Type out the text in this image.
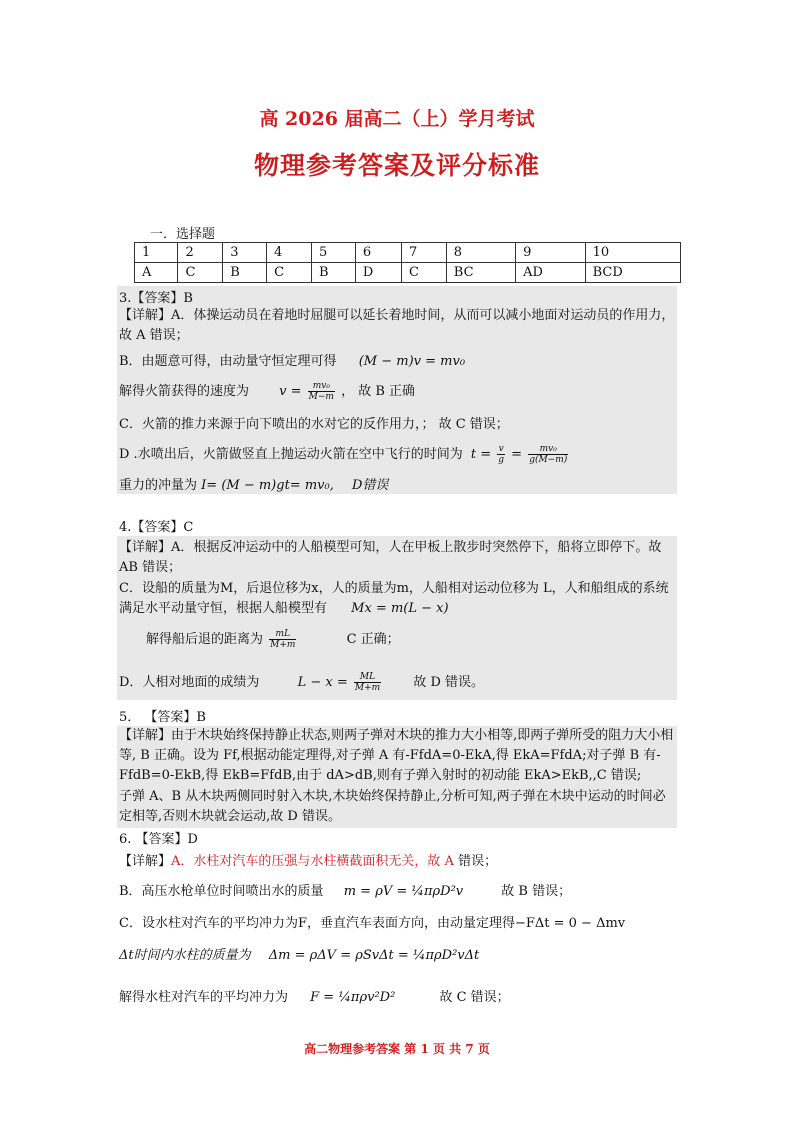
高 2026 届高二（上）学月考试
物理参考答案及评分标准
一．选择题
1	2	3	4	5	6	7	8	9	10
A	C	B	C	B	D	C	BC	AD	BCD
3.【答案】B
【详解】A．体操运动员在着地时屈腿可以延长着地时间，从而可以减小地面对运动员的作用力，故 A 错误；
B．由题意可得，由动量守恒定理可得 (M − m)v = mv₀
解得火箭获得的速度为 $v = \frac{\text{mv₀}}{M-m}$ ， 故 B 正确
C．火箭的推力来源于向下喷出的水对它的反作用力，； 故 C 错误；
D .水喷出后，火箭做竖直上抛运动火箭在空中飞行的时间为 $t = \frac{v}{g} = \frac{\text{mv₀}}{g(M-m)}$
重力的冲量为 I= (M − m)gt= mv₀, D错误
4.【答案】C
【详解】A．根据反冲运动中的人船模型可知，人在甲板上散步时突然停下，船将立即停下。故 AB 错误；
C．设船的质量为M，后退位移为x，人的质量为m，人船相对运动位移为 L，人和船组成的系统满足水平动量守恒，根据人船模型有 Mx = m(L − x)
解得船后退的距离为 $\frac{mL}{M+m}$	C 正确；
D．人相对地面的成绩为	$L - x = \frac{ML}{M+m}$ 故 D 错误。
5． 【答案】B
【详解】由于木块始终保持静止状态,则两子弹对木块的推力大小相等,即两子弹所受的阻力大小相等, B 正确。设为 Ff,根据动能定理得,对子弹 A 有-FfdA=0-EkA,得 EkA=FfdA;对子弹 B 有-FfdB=0-EkB,得 EkB=FfdB,由于 dA>dB,则有子弹入射时的初动能 EkA>EkB,,C 错误;
子弹 A、B 从木块两侧同时射入木块,木块始终保持静止,分析可知,两子弹在木块中运动的时间必定相等,否则木块就会运动,故 D 错误。
6. 【答案】D
【详解】A．水柱对汽车的压强与水柱横截面积无关，故 A 错误；
B．高压水枪单位时间喷出水的质量 m = ρV = ¼πρD²v	故 B 错误；
C．设水柱对汽车的平均冲力为F，垂直汽车表面方向，由动量定理得−FΔt = 0 − Δmv
Δt时间内水柱的质量为 Δm = ρΔV = ρSvΔt = ¼πρD²vΔt
解得水柱对汽车的平均冲力为 F = ¼πρv²D²	故 C 错误；
高二物理参考答案 第 1 页 共 7 页
